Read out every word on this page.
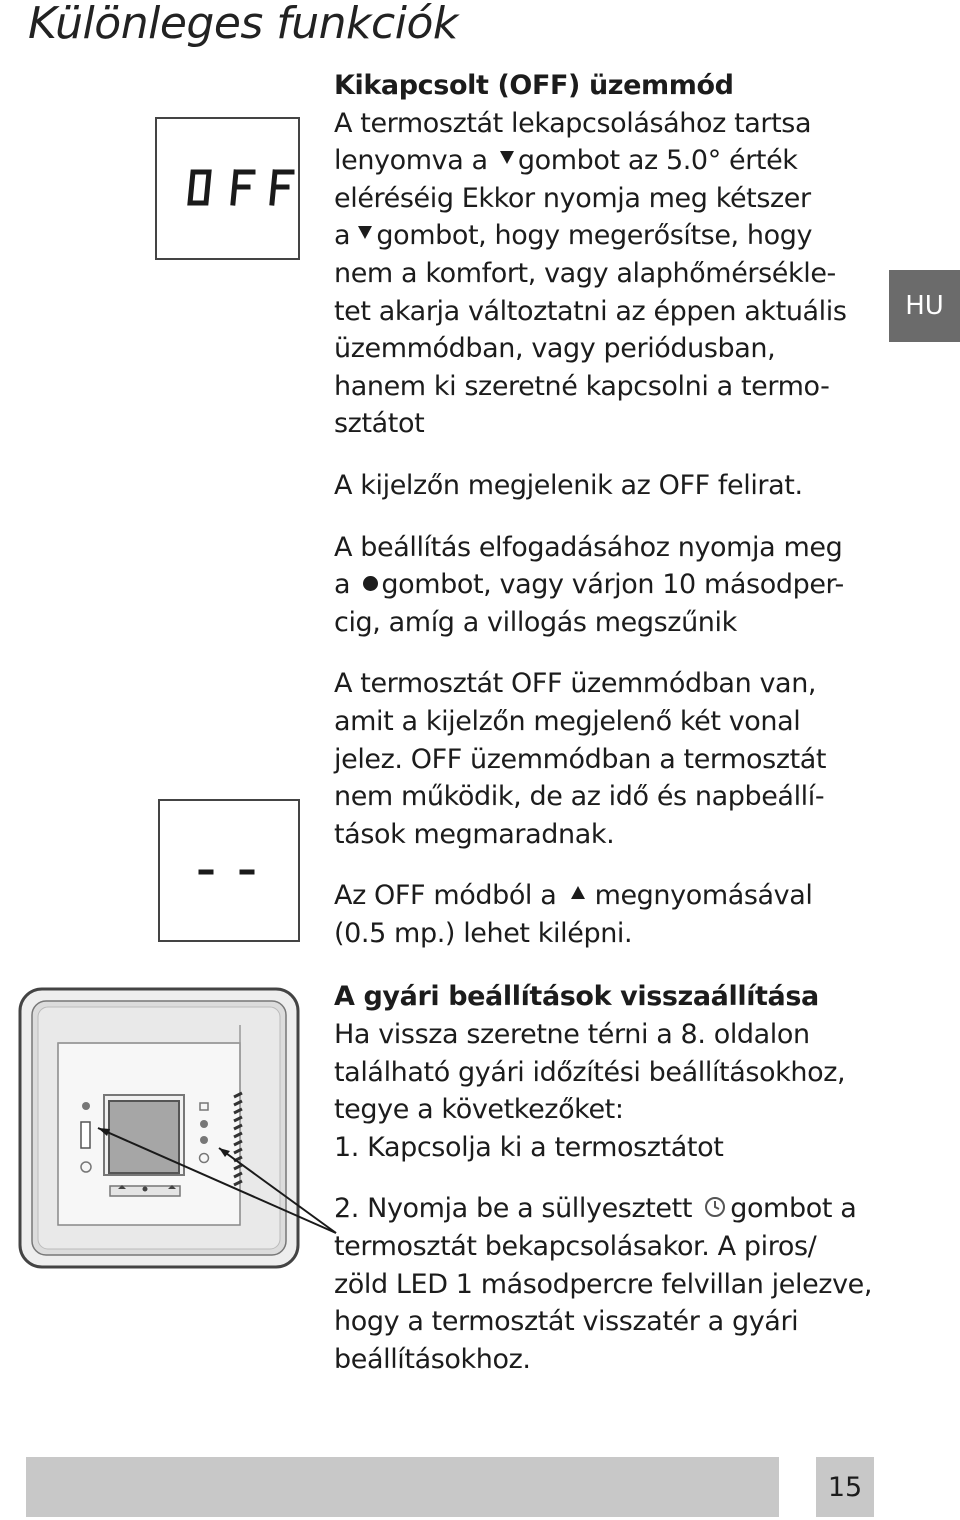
Különleges funkciók
HU

Kikapcsolt (OFF) üzemmód

A termosztát lekapcsolásához tartsa

lenyomva a gombot az 5.0° érték

eléréséig Ekkor nyomja meg kétszer

a gombot, hogy megerősítse, hogy

nem a komfort, vagy alaphőmérsékle-

tet akarja változtatni az éppen aktuális

üzemmódban, vagy periódusban,

hanem ki szeretné kapcsolni a termo-

sztátot

A kijelzőn megjelenik az OFF felirat.

A beállítás elfogadásához nyomja meg

a gombot, vagy várjon 10 másodper-

cig, amíg a villogás megszűnik

A termosztát OFF üzemmódban van,

amit a kijelzőn megjelenő két vonal

jelez. OFF üzemmódban a termosztát

nem működik, de az idő és napbeállí-

tások megmaradnak.

Az OFF módból a megnyomásával

(0.5 mp.) lehet kilépni.

A gyári beállítások visszaállítása

Ha vissza szeretne térni a 8. oldalon

található gyári időzítési beállításokhoz,

tegye a következőket:

1. Kapcsolja ki a termosztátot

2. Nyomja be a süllyesztett gombot a

termosztát bekapcsolásakor. A piros/

zöld LED 1 másodpercre felvillan jelezve,

hogy a termosztát visszatér a gyári

beállításokhoz.

15
